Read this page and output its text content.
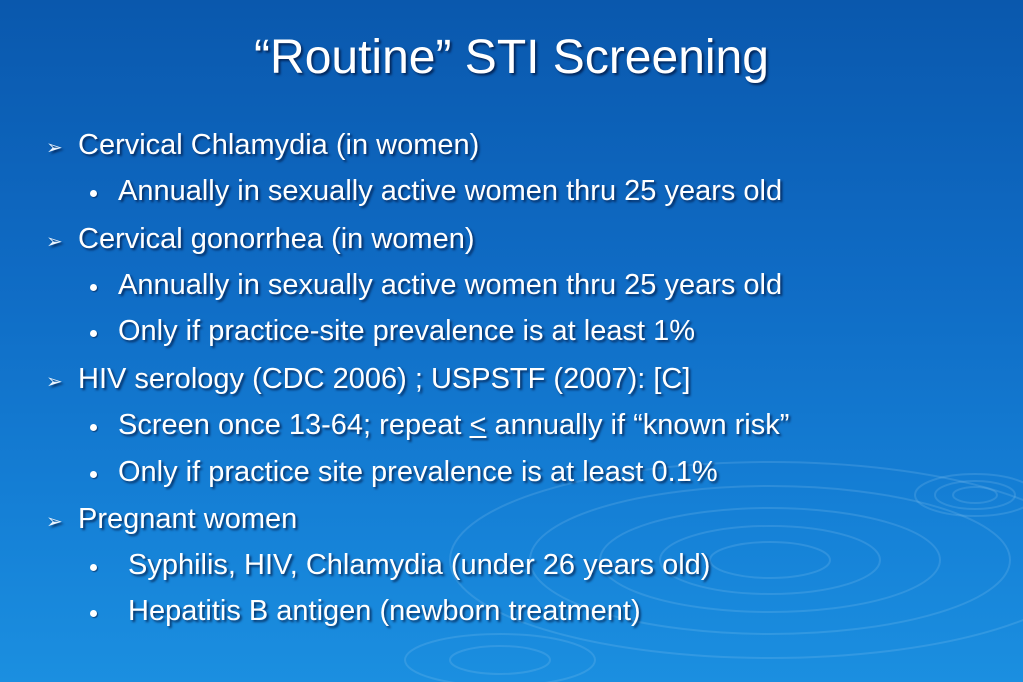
“Routine” STI Screening
➢ Cervical Chlamydia (in women)
Annually in sexually active women thru 25 years old
➢ Cervical gonorrhea (in women)
Annually in sexually active women thru 25 years old
Only if practice-site prevalence is at least 1%
➢ HIV serology (CDC 2006) ; USPSTF (2007): [C]
Screen once 13-64; repeat < annually if “known risk”
Only if practice site prevalence is at least 0.1%
➢ Pregnant women
Syphilis, HIV, Chlamydia (under 26 years old)
Hepatitis B antigen (newborn treatment)
